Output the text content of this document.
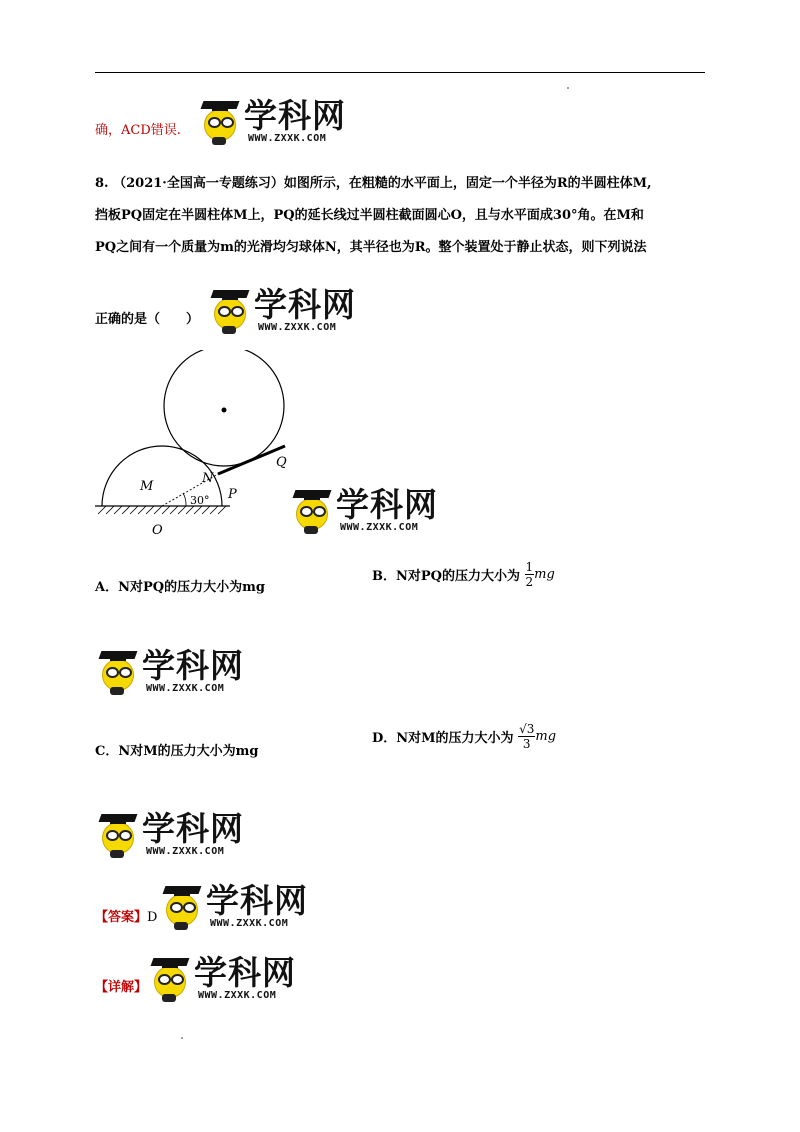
确，ACD错误. 学科网
WWW.ZXXK.COM
8. （2021·全国高一专题练习）如图所示，在粗糙的水平面上，固定一个半径为R的半圆柱体M,
挡板PQ固定在半圆柱体M上，PQ的延长线过半圆柱截面圆心O，且与水平面成30°角。在M和
PQ之间有一个质量为m的光滑均匀球体N，其半径也为R。整个装置处于静止状态，则下列说法
正确的是（　　） 学科网
WWW.ZXXK.COM
N
M
O
P
Q
30°	学科网
WWW.ZXXK.COM
A．N对PQ的压力大小为mg
B．N对PQ的压力大小为 $\frac{1}{2}$ mg
学科网
WWW.ZXXK.COM
C．N对M的压力大小为mg
D．N对M的压力大小为 $\frac{√3}{3}$ mg
学科网
WWW.ZXXK.COM
【答案】D 学科网
WWW.ZXXK.COM
【详解】 学科网
WWW.ZXXK.COM
